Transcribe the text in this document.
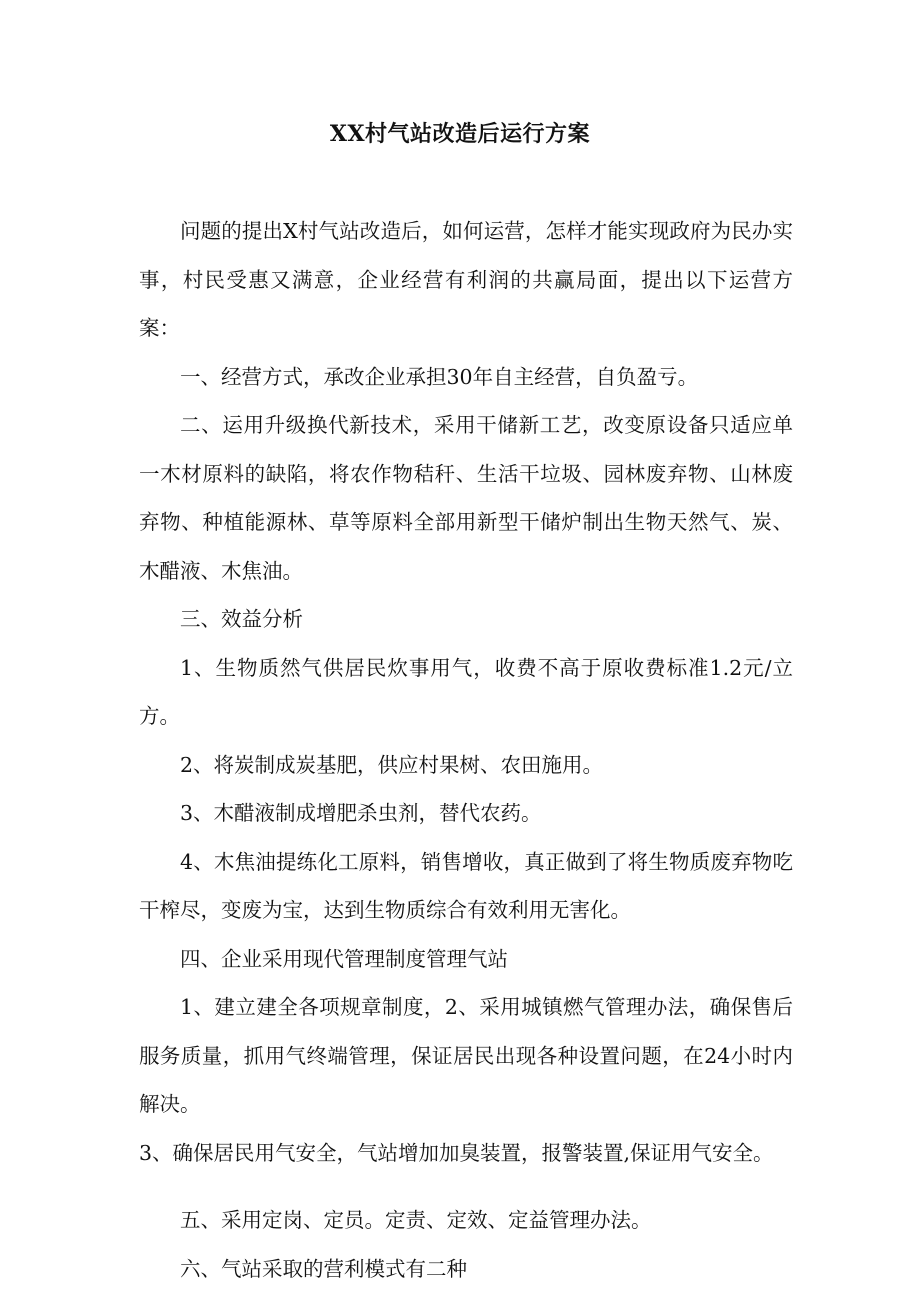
XX村气站改造后运行方案

问题的提出X村气站改造后，如何运营，怎样才能实现政府为民办实事，村民受惠又满意，企业经营有利润的共赢局面，提出以下运营方案：

一、经营方式，承改企业承担30年自主经营，自负盈亏。

二、运用升级换代新技术，采用干储新工艺，改变原设备只适应单一木材原料的缺陷，将农作物秸秆、生活干垃圾、园林废弃物、山林废弃物、种植能源林、草等原料全部用新型干储炉制出生物天然气、炭、木醋液、木焦油。

三、效益分析

1、生物质然气供居民炊事用气，收费不高于原收费标准1.2元/立方。

2、将炭制成炭基肥，供应村果树、农田施用。

3、木醋液制成增肥杀虫剂，替代农药。

4、木焦油提练化工原料，销售增收，真正做到了将生物质废弃物吃干榨尽，变废为宝，达到生物质综合有效利用无害化。

四、企业采用现代管理制度管理气站

1、建立建全各项规章制度，2、采用城镇燃气管理办法，确保售后服务质量，抓用气终端管理，保证居民出现各种设置问题，在24小时内解决。

3、确保居民用气安全，气站增加加臭装置，报警装置,保证用气安全。

五、采用定岗、定员。定责、定效、定益管理办法。

六、气站采取的营利模式有二种
